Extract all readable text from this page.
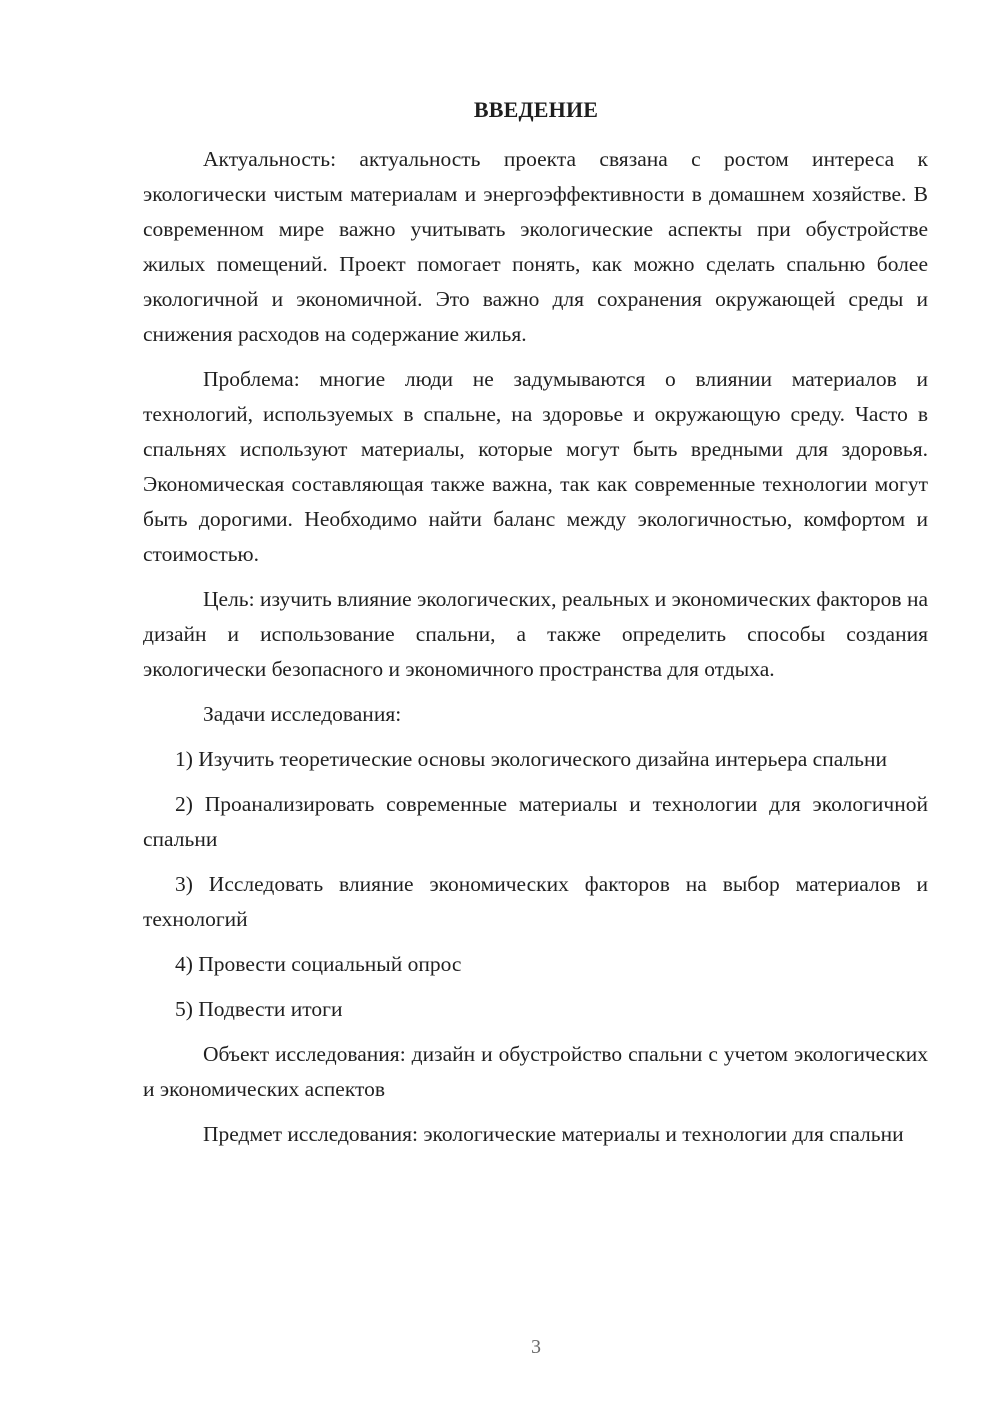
ВВЕДЕНИЕ

Актуальность: актуальность проекта связана с ростом интереса к экологически чистым материалам и энергоэффективности в домашнем хозяйстве. В современном мире важно учитывать экологические аспекты при обустройстве жилых помещений. Проект помогает понять, как можно сделать спальню более экологичной и экономичной. Это важно для сохранения окружающей среды и снижения расходов на содержание жилья.

Проблема: многие люди не задумываются о влиянии материалов и технологий, используемых в спальне, на здоровье и окружающую среду. Часто в спальнях используют материалы, которые могут быть вредными для здоровья. Экономическая составляющая также важна, так как современные технологии могут быть дорогими. Необходимо найти баланс между экологичностью, комфортом и стоимостью.

Цель: изучить влияние экологических, реальных и экономических факторов на дизайн и использование спальни, а также определить способы создания экологически безопасного и экономичного пространства для отдыха.

Задачи исследования:

1) Изучить теоретические основы экологического дизайна интерьера спальни

2) Проанализировать современные материалы и технологии для экологичной спальни

3) Исследовать влияние экономических факторов на выбор материалов и технологий

4) Провести социальный опрос

5) Подвести итоги

Объект исследования: дизайн и обустройство спальни с учетом экологических и экономических аспектов

Предмет исследования: экологические материалы и технологии для спальни

3
